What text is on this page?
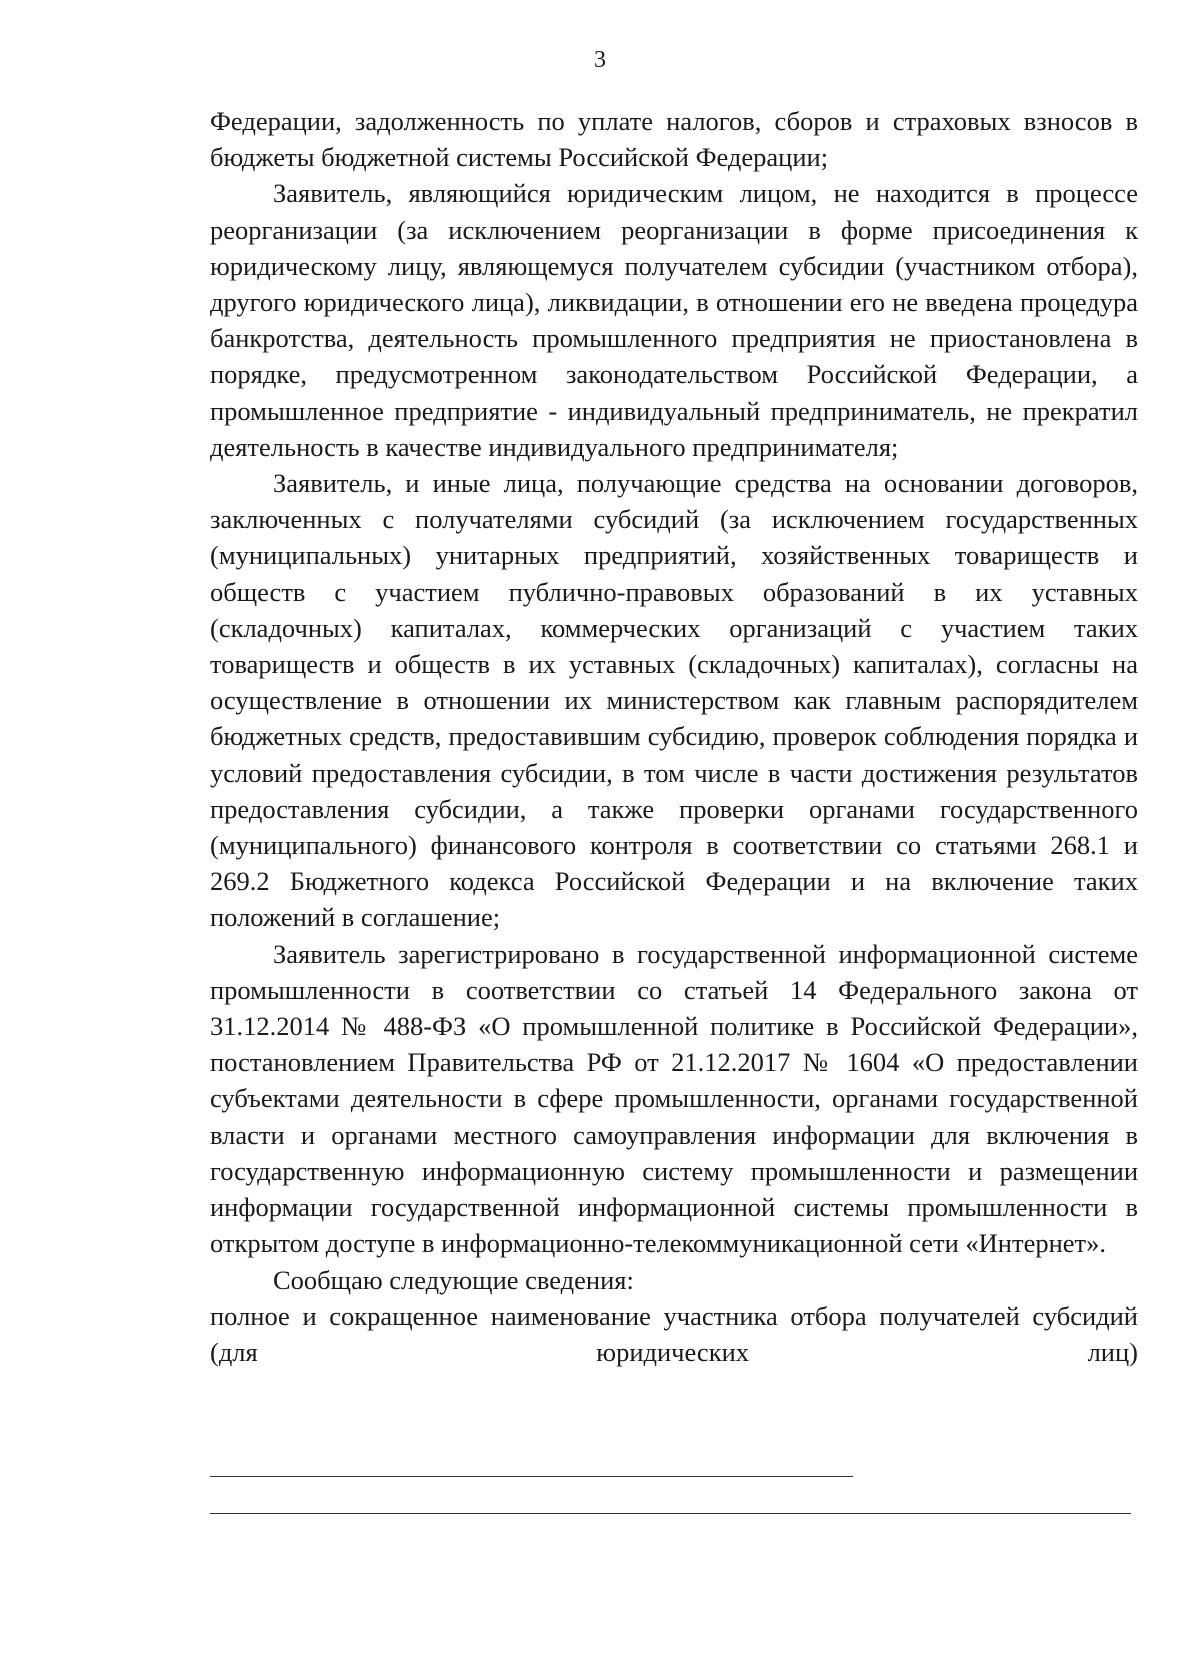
3

Федерации, задолженность по уплате налогов, сборов и страховых взносов в бюджеты бюджетной системы Российской Федерации;

Заявитель, являющийся юридическим лицом, не находится в процессе реорганизации (за исключением реорганизации в форме присоединения к юридическому лицу, являющемуся получателем субсидии (участником отбора), другого юридического лица), ликвидации, в отношении его не введена процедура банкротства, деятельность промышленного предприятия не приостановлена в порядке, предусмотренном законодательством Российской Федерации, а промышленное предприятие - индивидуальный предприниматель, не прекратил деятельность в качестве индивидуального предпринимателя;

Заявитель, и иные лица, получающие средства на основании договоров, заключенных с получателями субсидий (за исключением государственных (муниципальных) унитарных предприятий, хозяйственных товариществ и обществ с участием публично-правовых образований в их уставных (складочных) капиталах, коммерческих организаций с участием таких товариществ и обществ в их уставных (складочных) капиталах), согласны на осуществление в отношении их министерством как главным распорядителем бюджетных средств, предоставившим субсидию, проверок соблюдения порядка и условий предоставления субсидии, в том числе в части достижения результатов предоставления субсидии, а также проверки органами государственного (муниципального) финансового контроля в соответствии со статьями 268.1 и 269.2 Бюджетного кодекса Российской Федерации и на включение таких положений в соглашение;

Заявитель зарегистрировано в государственной информационной системе промышленности в соответствии со статьей 14 Федерального закона от 31.12.2014 № 488-ФЗ «О промышленной политике в Российской Федерации», постановлением Правительства РФ от 21.12.2017 № 1604 «О предоставлении субъектами деятельности в сфере промышленности, органами государственной власти и органами местного самоуправления информации для включения в государственную информационную систему промышленности и размещении информации государственной информационной системы промышленности в открытом доступе в информационно-телекоммуникационной сети «Интернет».

Сообщаю следующие сведения:

полное и сокращенное наименование участника отбора получателей субсидий (для юридических лиц)
